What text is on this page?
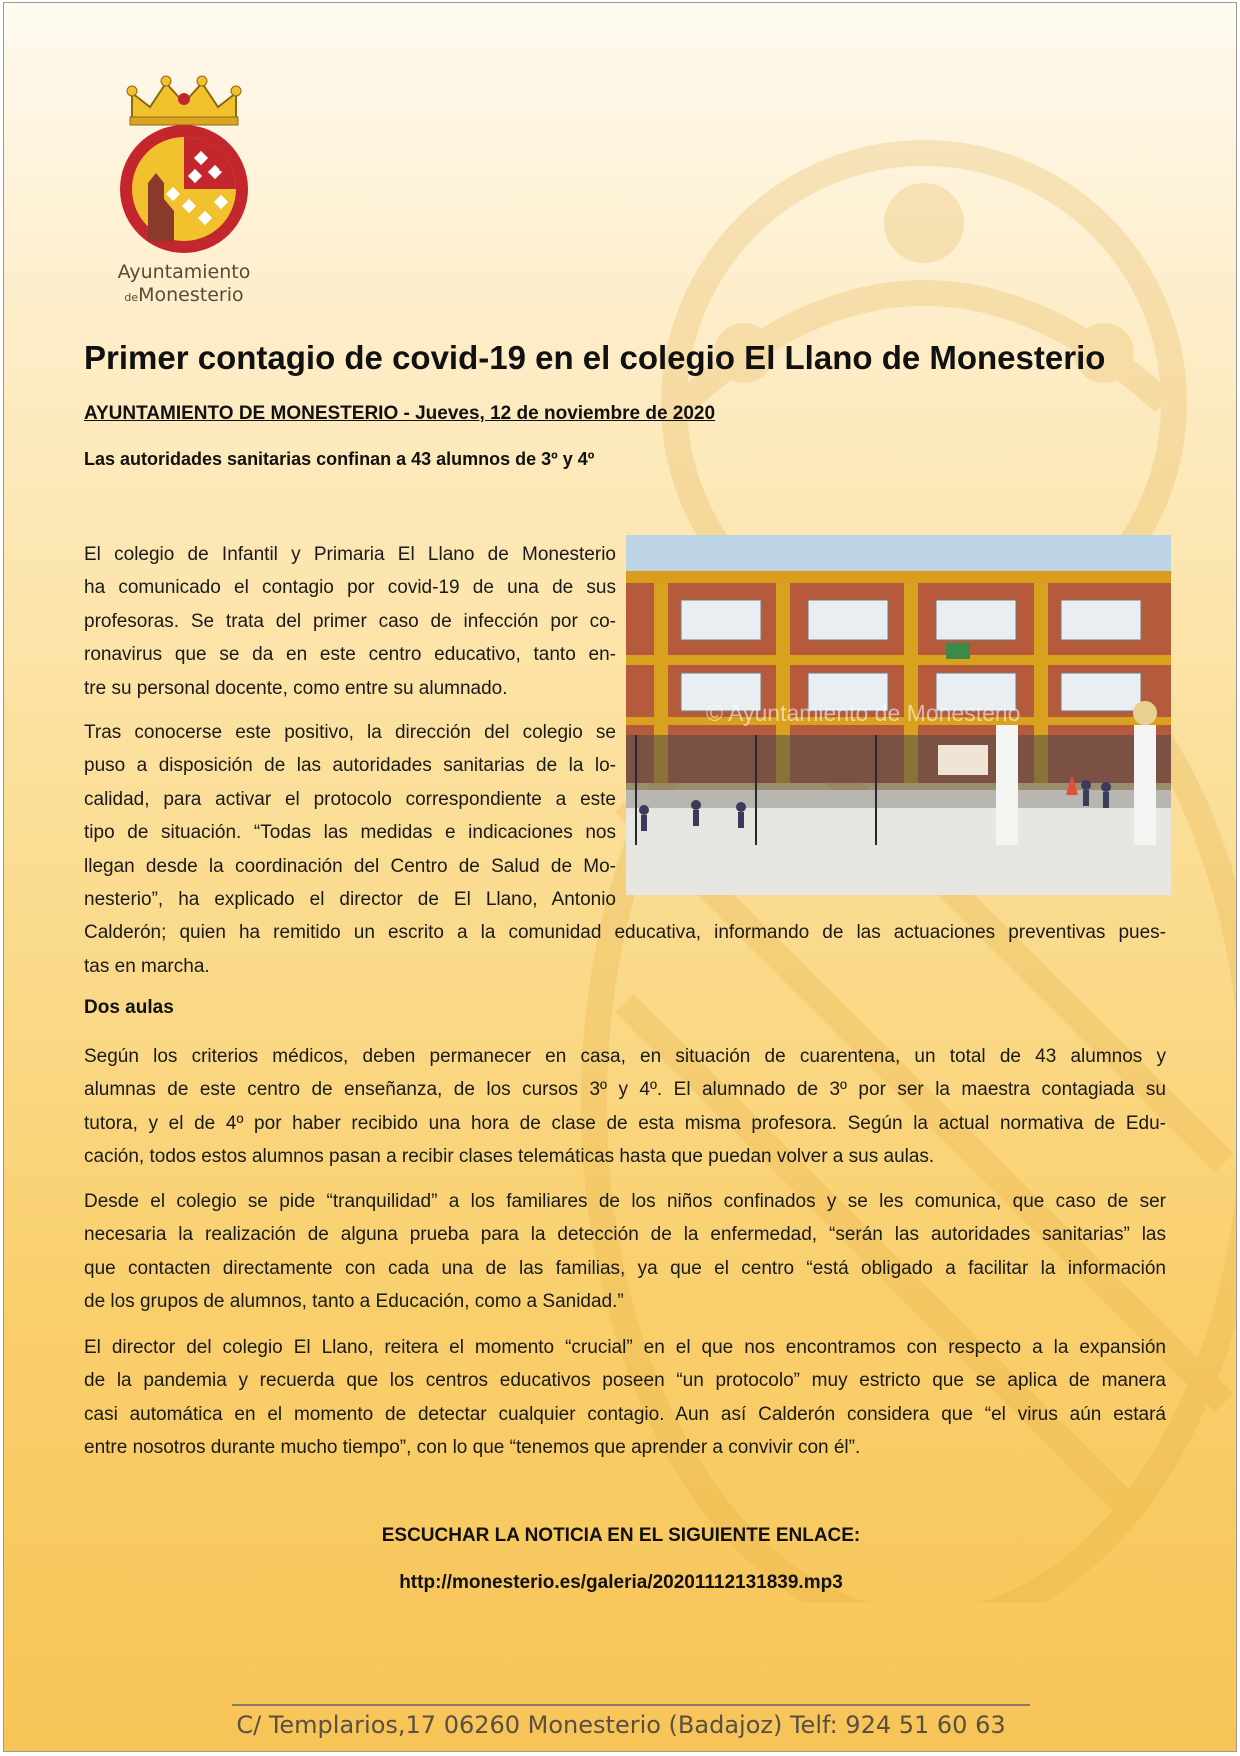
Ayuntamiento
deMonesterio
Primer contagio de covid-19 en el colegio El Llano de Monesterio
AYUNTAMIENTO DE MONESTERIO - Jueves, 12 de noviembre de 2020
Las autoridades sanitarias confinan a 43 alumnos de 3º y 4º
© Ayuntamiento de Monesterio
El colegio de Infantil y Primaria El Llano de Monesterio
ha comunicado el contagio por covid-19 de una de sus
profesoras. Se trata del primer caso de infección por co-
ronavirus que se da en este centro educativo, tanto en-
tre su personal docente, como entre su alumnado.
Tras conocerse este positivo, la dirección del colegio se
puso a disposición de las autoridades sanitarias de la lo-
calidad, para activar el protocolo correspondiente a este
tipo de situación. “Todas las medidas e indicaciones nos
llegan desde la coordinación del Centro de Salud de Mo-
nesterio”, ha explicado el director de El Llano, Antonio
Calderón; quien ha remitido un escrito a la comunidad educativa, informando de las actuaciones preventivas pues-
tas en marcha.
Dos aulas
Según los criterios médicos, deben permanecer en casa, en situación de cuarentena, un total de 43 alumnos y
alumnas de este centro de enseñanza, de los cursos 3º y 4º. El alumnado de 3º por ser la maestra contagiada su
tutora, y el de 4º por haber recibido una hora de clase de esta misma profesora. Según la actual normativa de Edu-
cación, todos estos alumnos pasan a recibir clases telemáticas hasta que puedan volver a sus aulas.
Desde el colegio se pide “tranquilidad” a los familiares de los niños confinados y se les comunica, que caso de ser
necesaria la realización de alguna prueba para la detección de la enfermedad, “serán las autoridades sanitarias” las
que contacten directamente con cada una de las familias, ya que el centro “está obligado a facilitar la información
de los grupos de alumnos, tanto a Educación, como a Sanidad.”
El director del colegio El Llano, reitera el momento “crucial” en el que nos encontramos con respecto a la expansión
de la pandemia y recuerda que los centros educativos poseen “un protocolo” muy estricto que se aplica de manera
casi automática en el momento de detectar cualquier contagio. Aun así Calderón considera que “el virus aún estará
entre nosotros durante mucho tiempo”, con lo que “tenemos que aprender a convivir con él”.
ESCUCHAR LA NOTICIA EN EL SIGUIENTE ENLACE:
http://monesterio.es/galeria/20201112131839.mp3
C/ Templarios,17 06260 Monesterio (Badajoz) Telf: 924 51 60 63
